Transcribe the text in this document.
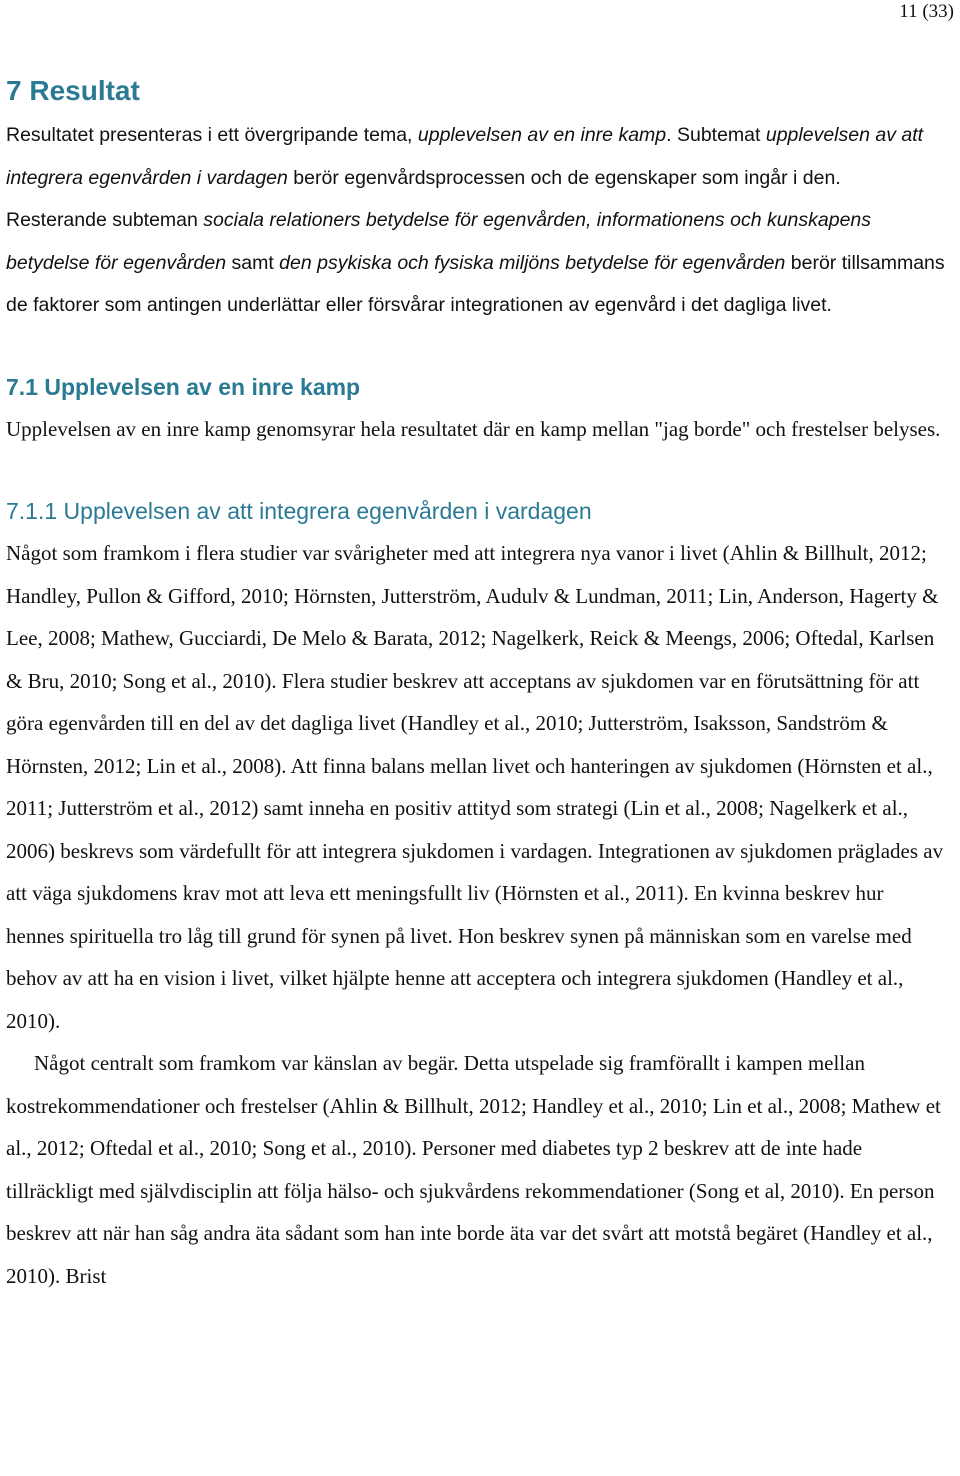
11 (33)
7 Resultat

Resultatet presenteras i ett övergripande tema, upplevelsen av en inre kamp. Subtemat upplevelsen av att integrera egenvården i vardagen berör egenvårdsprocessen och de egenskaper som ingår i den. Resterande subteman sociala relationers betydelse för egenvården, informationens och kunskapens betydelse för egenvården samt den psykiska och fysiska miljöns betydelse för egenvården berör tillsammans de faktorer som antingen underlättar eller försvårar integrationen av egenvård i det dagliga livet.

7.1 Upplevelsen av en inre kamp

Upplevelsen av en inre kamp genomsyrar hela resultatet där en kamp mellan "jag borde" och frestelser belyses.

7.1.1 Upplevelsen av att integrera egenvården i vardagen

Något som framkom i flera studier var svårigheter med att integrera nya vanor i livet (Ahlin & Billhult, 2012; Handley, Pullon & Gifford, 2010; Hörnsten, Jutterström, Audulv & Lundman, 2011; Lin, Anderson, Hagerty & Lee, 2008; Mathew, Gucciardi, De Melo & Barata, 2012; Nagelkerk, Reick & Meengs, 2006; Oftedal, Karlsen & Bru, 2010; Song et al., 2010). Flera studier beskrev att acceptans av sjukdomen var en förutsättning för att göra egenvården till en del av det dagliga livet (Handley et al., 2010; Jutterström, Isaksson, Sandström & Hörnsten, 2012; Lin et al., 2008). Att finna balans mellan livet och hanteringen av sjukdomen (Hörnsten et al., 2011; Jutterström et al., 2012) samt inneha en positiv attityd som strategi (Lin et al., 2008; Nagelkerk et al., 2006) beskrevs som värdefullt för att integrera sjukdomen i vardagen. Integrationen av sjukdomen präglades av att väga sjukdomens krav mot att leva ett meningsfullt liv (Hörnsten et al., 2011). En kvinna beskrev hur hennes spirituella tro låg till grund för synen på livet. Hon beskrev synen på människan som en varelse med behov av att ha en vision i livet, vilket hjälpte henne att acceptera och integrera sjukdomen (Handley et al., 2010).

Något centralt som framkom var känslan av begär. Detta utspelade sig framförallt i kampen mellan kostrekommendationer och frestelser (Ahlin & Billhult, 2012; Handley et al., 2010; Lin et al., 2008; Mathew et al., 2012; Oftedal et al., 2010; Song et al., 2010). Personer med diabetes typ 2 beskrev att de inte hade tillräckligt med självdisciplin att följa hälso- och sjukvårdens rekommendationer (Song et al, 2010). En person beskrev att när han såg andra äta sådant som han inte borde äta var det svårt att motstå begäret (Handley et al., 2010). Brist
